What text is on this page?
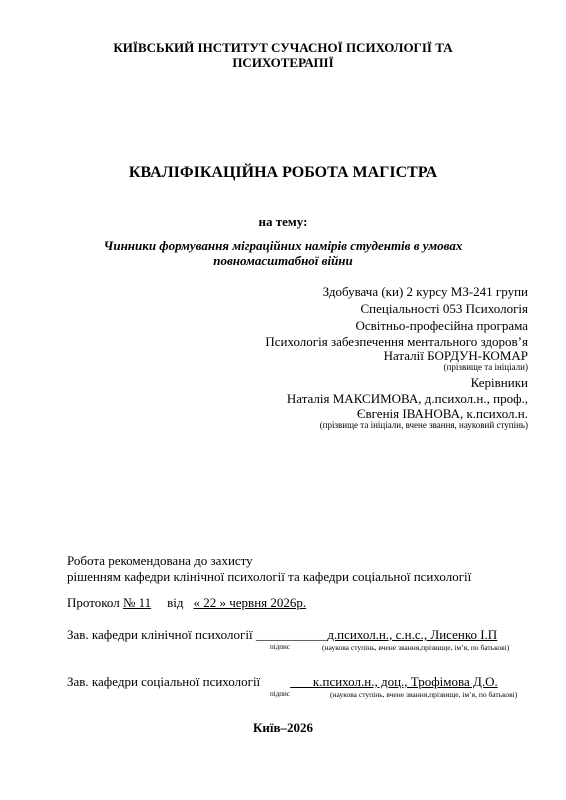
КИЇВСЬКИЙ ІНСТИТУТ СУЧАСНОЇ ПСИХОЛОГІЇ ТА
ПСИХОТЕРАПІЇ
КВАЛІФІКАЦІЙНА РОБОТА МАГІСТРА
на тему:
Чинники формування міграційних намірів студентів в умовах
повномасштабної війни
Здобувача (ки) 2 курсу МЗ-241 групи
Спеціальності 053 Психологія
Освітньо-професійна програма
Психологія забезпечення ментального здоров’я
Наталії БОРДУН-КОМАР
(прізвище та ініціали)
Керівники
Наталія МАКСИМОВА, д.психол.н., проф.,
Євгенія ІВАНОВА, к.психол.н.
(прізвище та ініціали, вчене звання, науковий ступінь)
Робота рекомендована до захисту
рішенням кафедри клінічної психології та кафедри соціальної психології
Протокол № 11 від « 22 » червня 2026р.
Зав. кафедри клінічної психології ___________д.психол.н., с.н.с., Лисенко І.П
підпис	(наукова ступінь, вчене звання,прізвище, ім’я, по батькові)
Зав. кафедри соціальної психології       к.психол.н., доц., Трофімова Д.О.
підпис	(наукова ступінь, вчене звання,прізвище, ім’я, по батькові)
Київ–2026
